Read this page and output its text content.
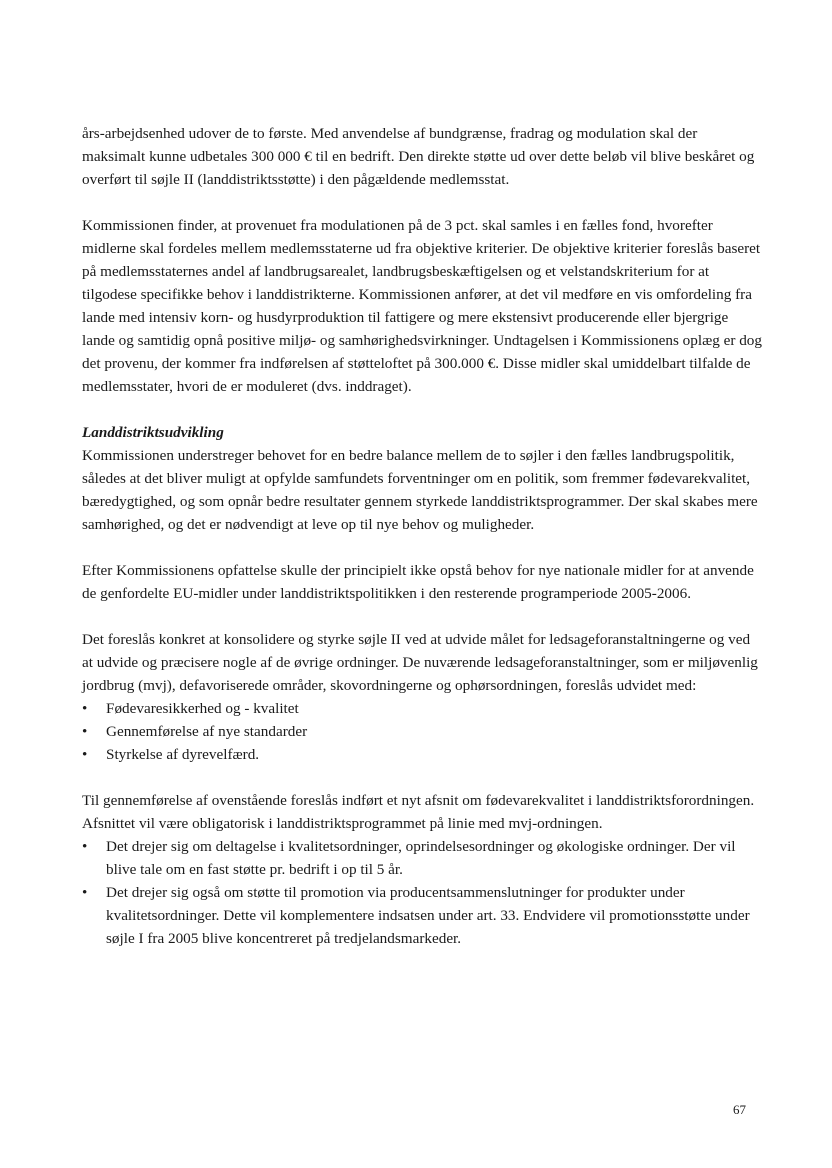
års-arbejdsenhed udover de to første. Med anvendelse af bundgrænse, fradrag og modulation skal der maksimalt kunne udbetales 300 000 € til en bedrift. Den direkte støtte ud over dette beløb vil blive beskåret og overført til søjle II (landdistriktsstøtte) i den pågældende medlemsstat.

Kommissionen finder, at provenuet fra modulationen på de 3 pct. skal samles i en fælles fond, hvorefter midlerne skal fordeles mellem medlemsstaterne ud fra objektive kriterier. De objektive kriterier foreslås baseret på medlemsstaternes andel af landbrugsarealet, landbrugsbeskæftigelsen og et velstandskriterium for at tilgodese specifikke behov i landdistrikterne. Kommissionen anfører, at det vil medføre en vis omfordeling fra lande med intensiv korn- og husdyrproduktion til fattigere og mere ekstensivt producerende eller bjergrige lande og samtidig opnå positive miljø- og samhørighedsvirkninger. Undtagelsen i Kommissionens oplæg er dog det provenu, der kommer fra indførelsen af støtteloftet på 300.000 €. Disse midler skal umiddelbart tilfalde de medlemsstater, hvori de er moduleret (dvs. inddraget).

Landdistriktsudvikling

Kommissionen understreger behovet for en bedre balance mellem de to søjler i den fælles landbrugspolitik, således at det bliver muligt at opfylde samfundets forventninger om en politik, som fremmer fødevarekvalitet, bæredygtighed, og som opnår bedre resultater gennem styrkede landdistriktsprogrammer. Der skal skabes mere samhørighed, og det er nødvendigt at leve op til nye behov og muligheder.

Efter Kommissionens opfattelse skulle der principielt ikke opstå behov for nye nationale midler for at anvende de genfordelte EU-midler under landdistriktspolitikken i den resterende programperiode 2005-2006.

Det foreslås konkret at konsolidere og styrke søjle II ved at udvide målet for ledsageforanstaltningerne og ved at udvide og præcisere nogle af de øvrige ordninger. De nuværende ledsageforanstaltninger, som er miljøvenlig jordbrug (mvj), defavoriserede områder, skovordningerne og ophørsordningen, foreslås udvidet med:

• Fødevaresikkerhed og - kvalitet
• Gennemførelse af nye standarder
• Styrkelse af dyrevelfærd.

Til gennemførelse af ovenstående foreslås indført et nyt afsnit om fødevarekvalitet i landdistriktsforordningen. Afsnittet vil være obligatorisk i landdistriktsprogrammet på linie med mvj-ordningen.

• Det drejer sig om deltagelse i kvalitetsordninger, oprindelsesordninger og økologiske ordninger. Der vil blive tale om en fast støtte pr. bedrift i op til 5 år.
• Det drejer sig også om støtte til promotion via producentsammenslutninger for produkter under kvalitetsordninger. Dette vil komplementere indsatsen under art. 33. Endvidere vil promotionsstøtte under søjle I fra 2005 blive koncentreret på tredjelandsmarkeder.
67
